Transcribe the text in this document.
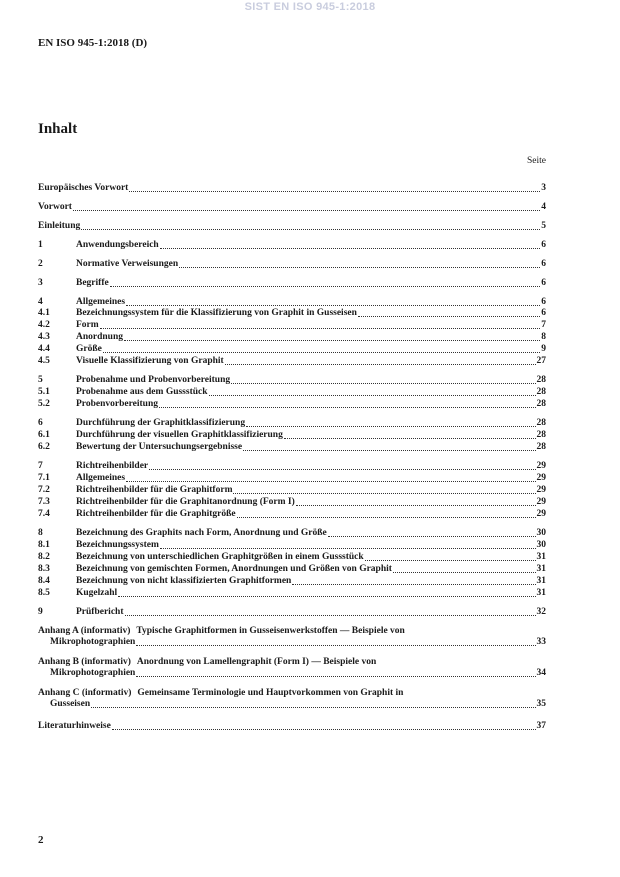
SIST EN ISO 945-1:2018
EN ISO 945-1:2018 (D)
Inhalt
Seite
Europäisches Vorwort	3
Vorwort	4
Einleitung	5
1	Anwendungsbereich	6
2	Normative Verweisungen	6
3	Begriffe	6
4	Allgemeines	6
4.1	Bezeichnungssystem für die Klassifizierung von Graphit in Gusseisen	6
4.2	Form	7
4.3	Anordnung	8
4.4	Größe	9
4.5	Visuelle Klassifizierung von Graphit	27
5	Probenahme und Probenvorbereitung	28
5.1	Probenahme aus dem Gussstück	28
5.2	Probenvorbereitung	28
6	Durchführung der Graphitklassifizierung	28
6.1	Durchführung der visuellen Graphitklassifizierung	28
6.2	Bewertung der Untersuchungsergebnisse	28
7	Richtreihenbilder	29
7.1	Allgemeines	29
7.2	Richtreihenbilder für die Graphitform	29
7.3	Richtreihenbilder für die Graphitanordnung (Form I)	29
7.4	Richtreihenbilder für die Graphitgröße	29
8	Bezeichnung des Graphits nach Form, Anordnung und Größe	30
8.1	Bezeichnungssystem	30
8.2	Bezeichnung von unterschiedlichen Graphitgrößen in einem Gussstück	31
8.3	Bezeichnung von gemischten Formen, Anordnungen und Größen von Graphit	31
8.4	Bezeichnung von nicht klassifizierten Graphitformen	31
8.5	Kugelzahl	31
9	Prüfbericht	32
Anhang A (informativ) Typische Graphitformen in Gusseisenwerkstoffen — Beispiele von
Mikrophotographien	33
Anhang B (informativ) Anordnung von Lamellengraphit (Form I) — Beispiele von
Mikrophotographien	34
Anhang C (informativ) Gemeinsame Terminologie und Hauptvorkommen von Graphit in
Gusseisen	35
Literaturhinweise	37
2
